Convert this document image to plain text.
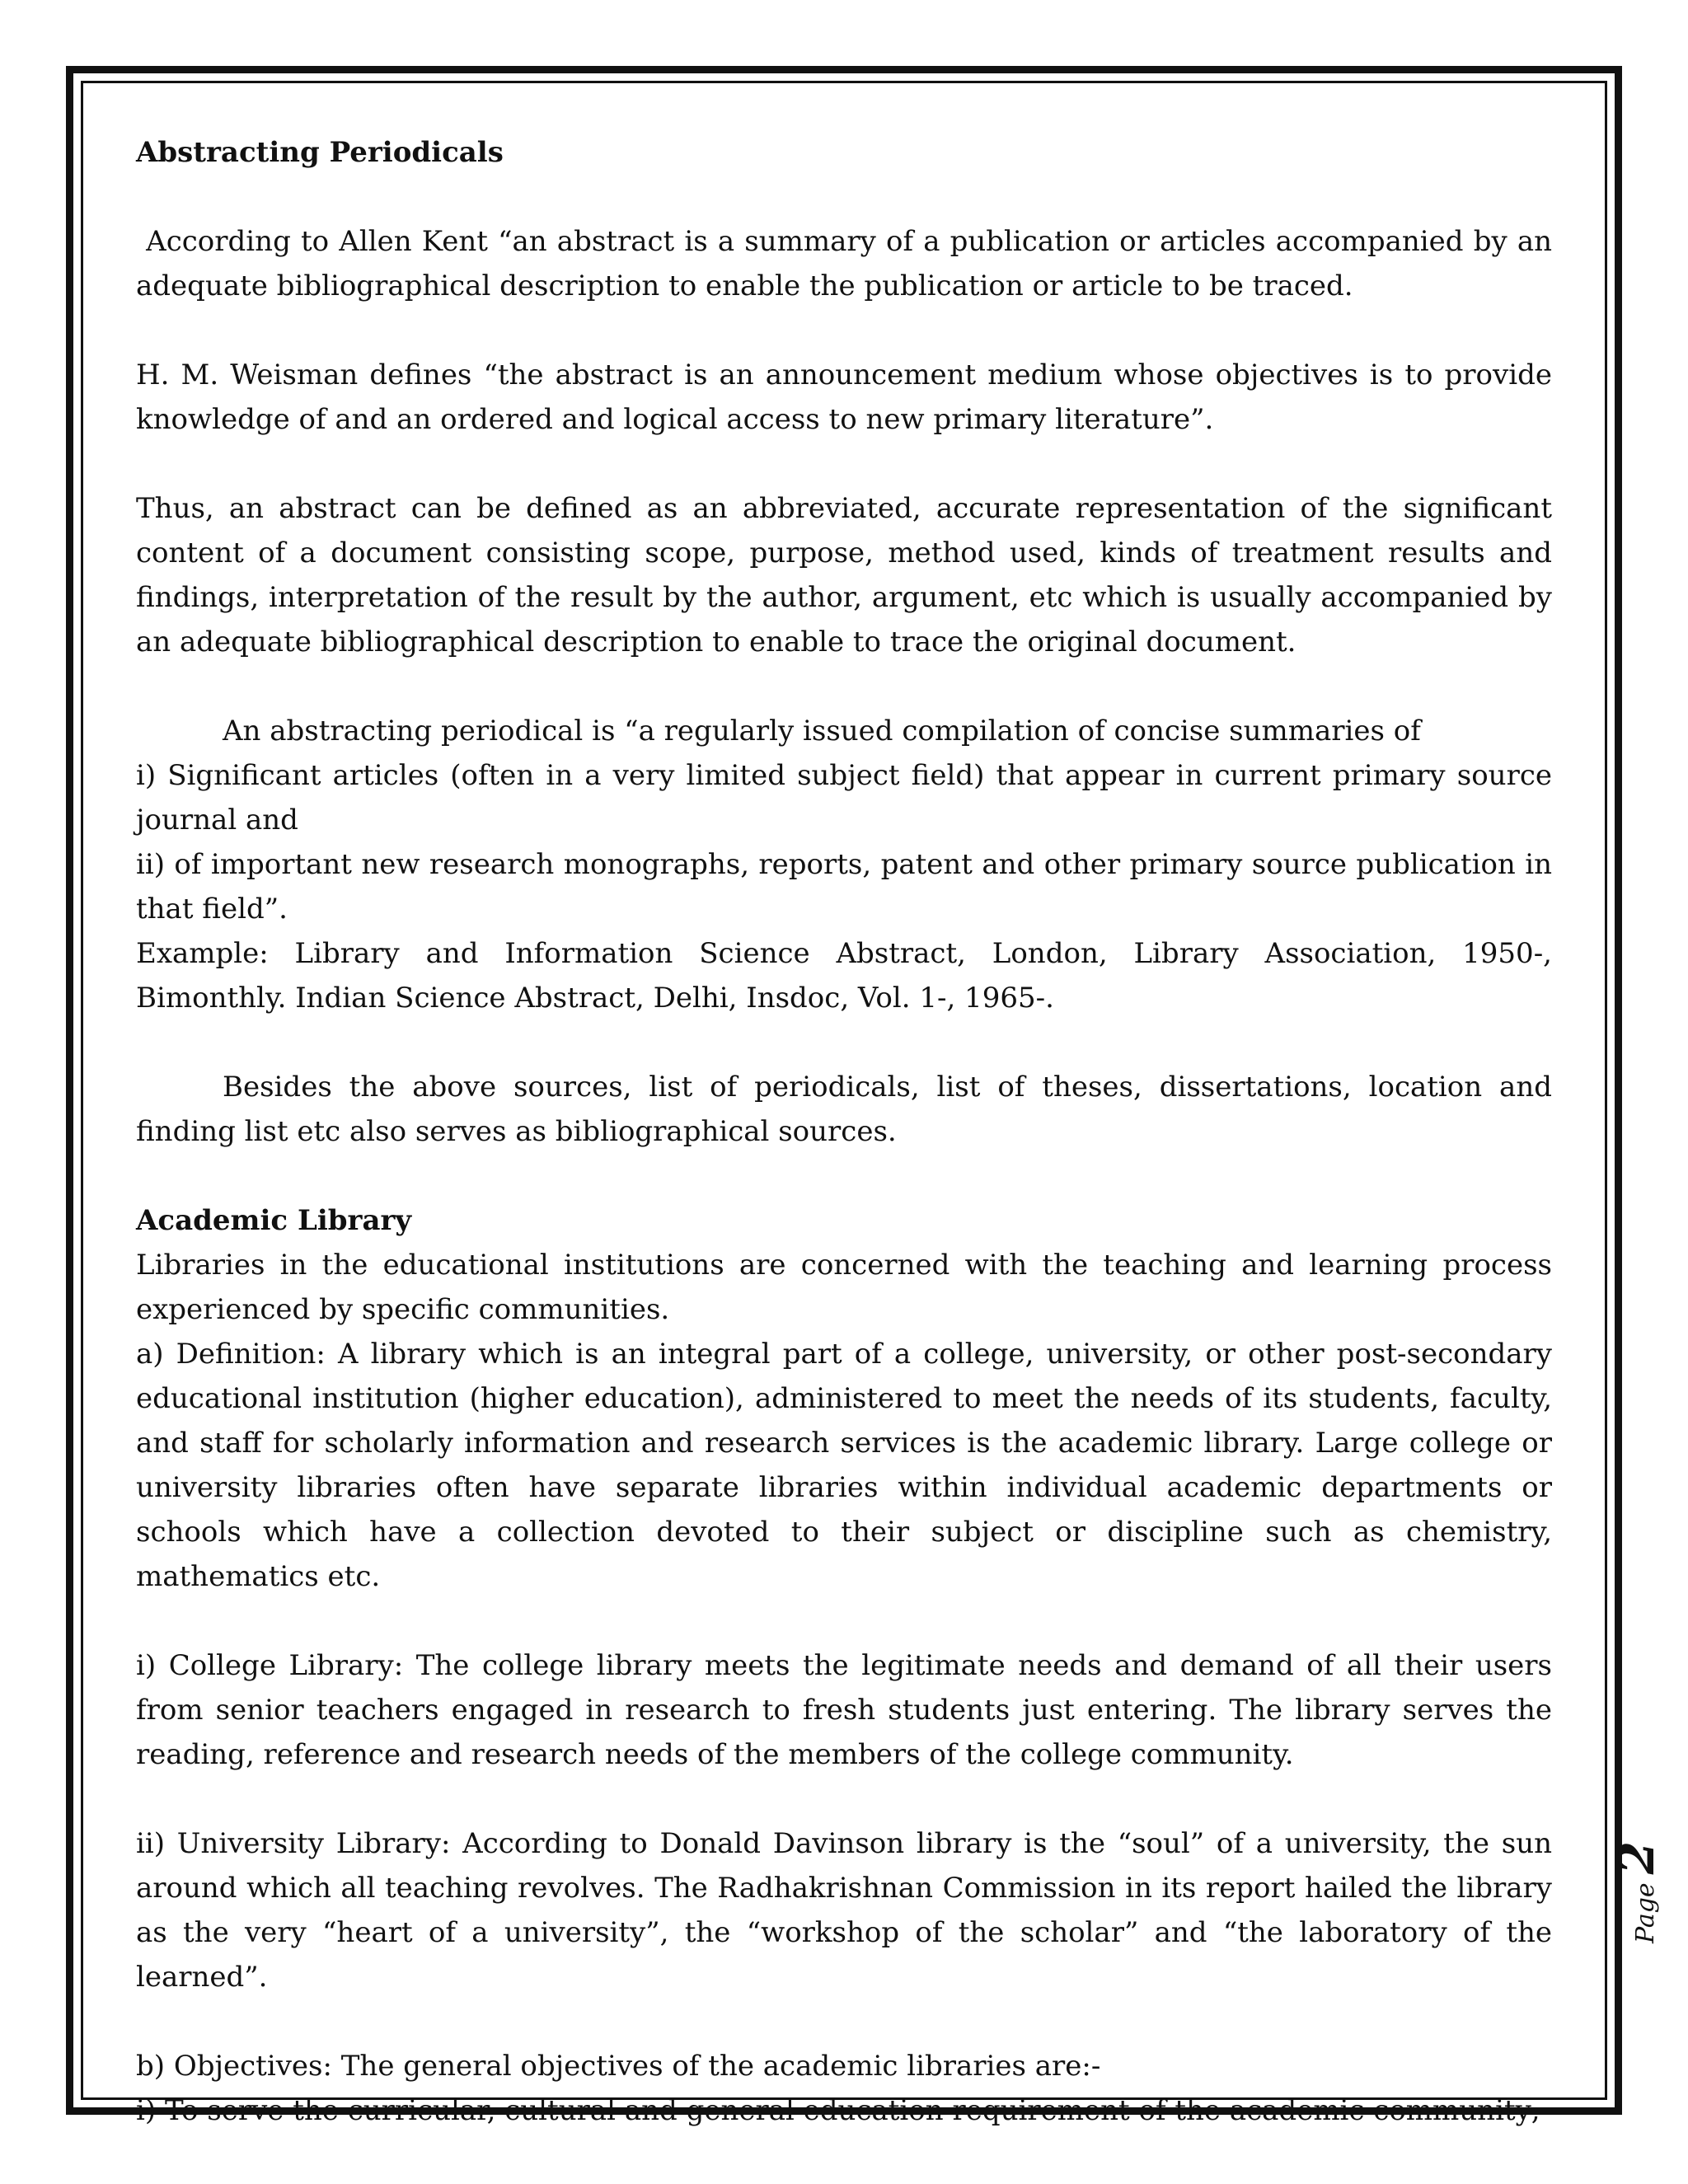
Abstracting Periodicals

According to Allen Kent “an abstract is a summary of a publication or articles accompanied by an adequate bibliographical description to enable the publication or article to be traced.

H. M. Weisman defines “the abstract is an announcement medium whose objectives is to provide knowledge of and an ordered and logical access to new primary literature”.

Thus, an abstract can be defined as an abbreviated, accurate representation of the significant content of a document consisting scope, purpose, method used, kinds of treatment results and findings, interpretation of the result by the author, argument, etc which is usually accompanied by an adequate bibliographical description to enable to trace the original document.

An abstracting periodical is “a regularly issued compilation of concise summaries of

i) Significant articles (often in a very limited subject field) that appear in current primary source journal and

ii) of important new research monographs, reports, patent and other primary source publication in that field”.

Example: Library and Information Science Abstract, London, Library Association, 1950-, Bimonthly. Indian Science Abstract, Delhi, Insdoc, Vol. 1-, 1965-.

Besides the above sources, list of periodicals, list of theses, dissertations, location and finding list etc also serves as bibliographical sources.

Academic Library

Libraries in the educational institutions are concerned with the teaching and learning process experienced by specific communities.

a) Definition: A library which is an integral part of a college, university, or other post-secondary educational institution (higher education), administered to meet the needs of its students, faculty, and staff for scholarly information and research services is the academic library. Large college or university libraries often have separate libraries within individual academic departments or schools which have a collection devoted to their subject or discipline such as chemistry, mathematics etc.

i) College Library: The college library meets the legitimate needs and demand of all their users from senior teachers engaged in research to fresh students just entering. The library serves the reading, reference and research needs of the members of the college community.

ii) University Library: According to Donald Davinson library is the “soul” of a university, the sun around which all teaching revolves. The Radhakrishnan Commission in its report hailed the library as the very “heart of a university”, the “workshop of the scholar” and “the laboratory of the learned”.

b) Objectives: The general objectives of the academic libraries are:-

i) To serve the curricular, cultural and general education requirement of the academic community;

Page
2
